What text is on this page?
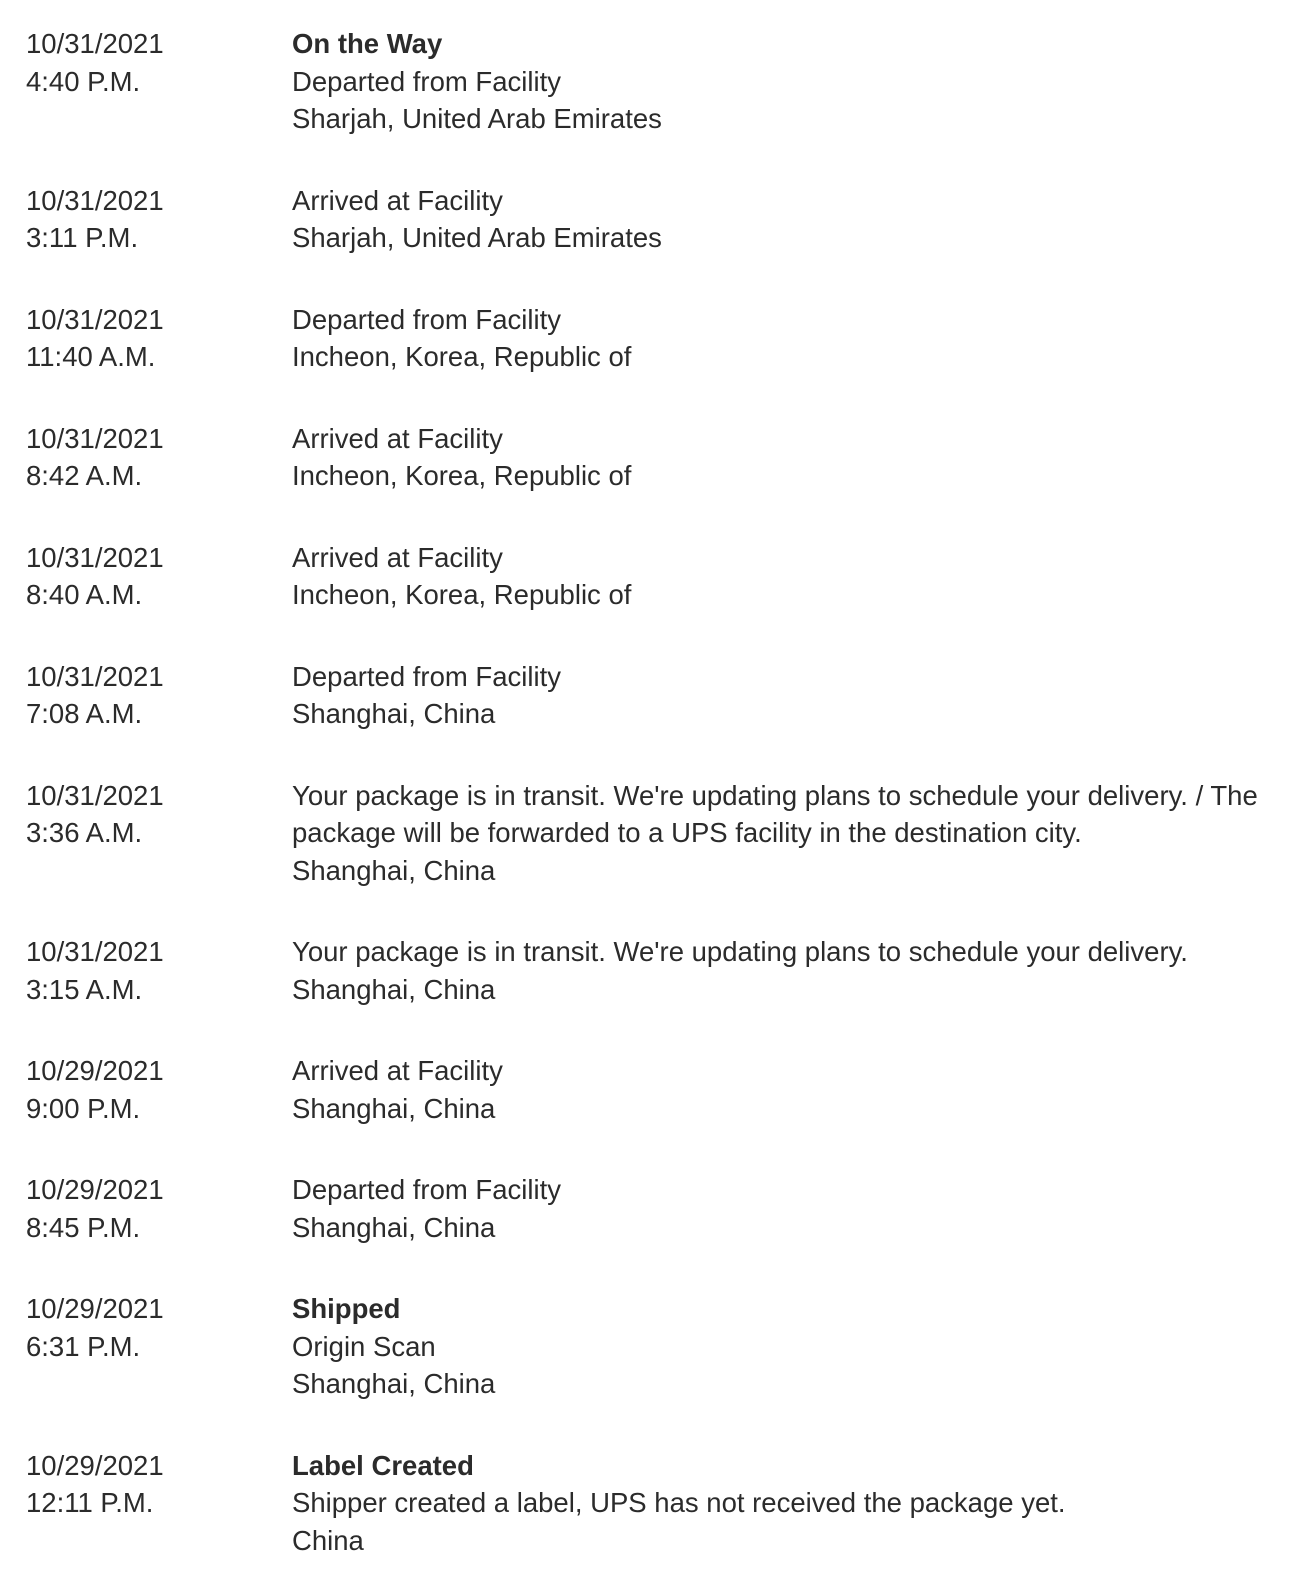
10/31/2021
4:40 P.M.
On the Way
Departed from Facility
Sharjah, United Arab Emirates
10/31/2021
3:11 P.M.
Arrived at Facility
Sharjah, United Arab Emirates
10/31/2021
11:40 A.M.
Departed from Facility
Incheon, Korea, Republic of
10/31/2021
8:42 A.M.
Arrived at Facility
Incheon, Korea, Republic of
10/31/2021
8:40 A.M.
Arrived at Facility
Incheon, Korea, Republic of
10/31/2021
7:08 A.M.
Departed from Facility
Shanghai, China
10/31/2021
3:36 A.M.
Your package is in transit. We're updating plans to schedule your delivery. / The package will be forwarded to a UPS facility in the destination city.
Shanghai, China
10/31/2021
3:15 A.M.
Your package is in transit. We're updating plans to schedule your delivery.
Shanghai, China
10/29/2021
9:00 P.M.
Arrived at Facility
Shanghai, China
10/29/2021
8:45 P.M.
Departed from Facility
Shanghai, China
10/29/2021
6:31 P.M.
Shipped
Origin Scan
Shanghai, China
10/29/2021
12:11 P.M.
Label Created
Shipper created a label, UPS has not received the package yet.
China
